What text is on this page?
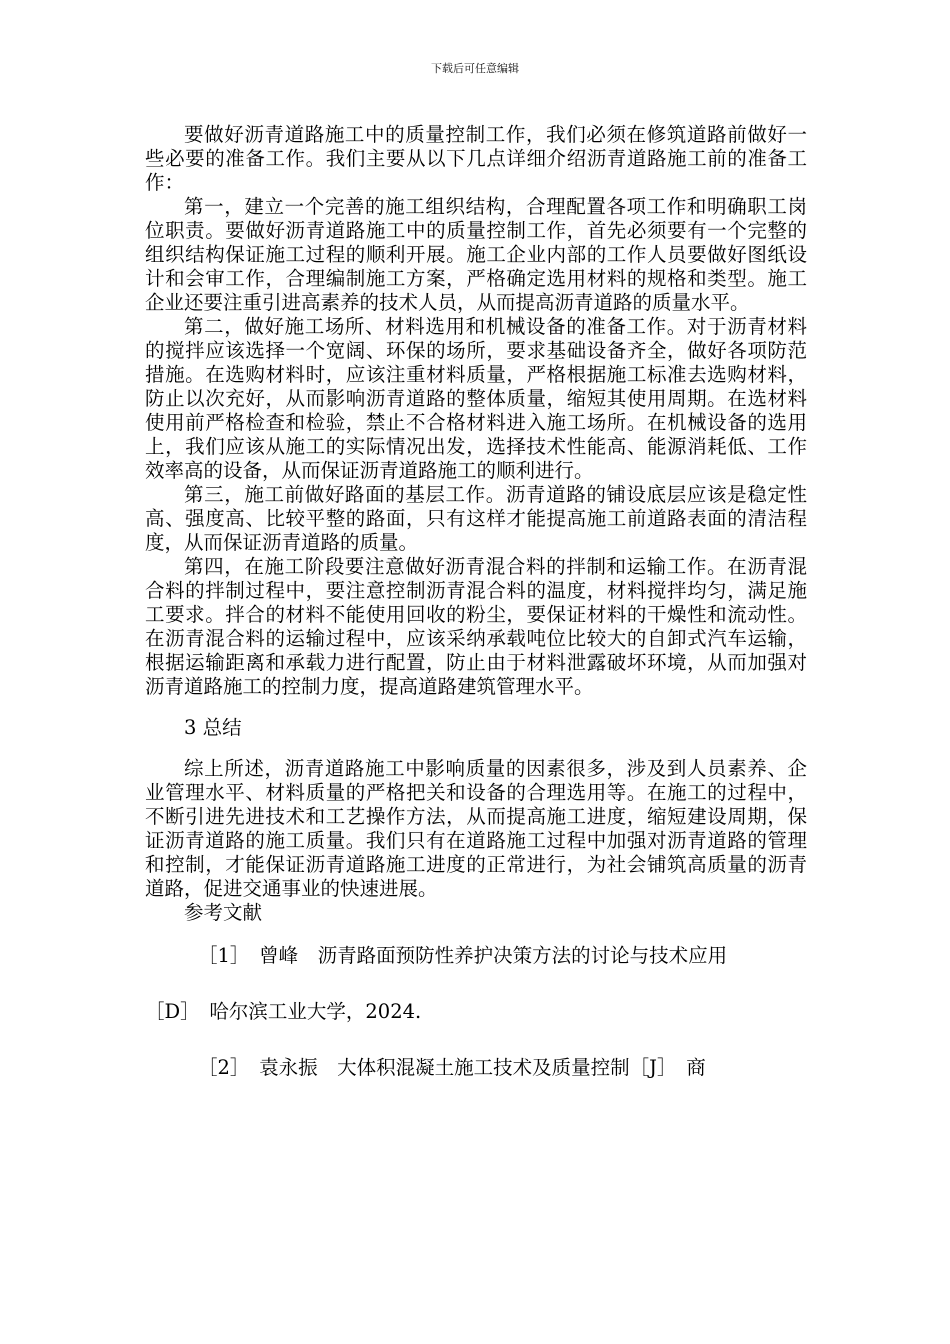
下载后可任意编辑

要做好沥青道路施工中的质量控制工作，我们必须在修筑道路前做好一些必要的准备工作。我们主要从以下几点详细介绍沥青道路施工前的准备工作：

第一，建立一个完善的施工组织结构，合理配置各项工作和明确职工岗位职责。要做好沥青道路施工中的质量控制工作，首先必须要有一个完整的组织结构保证施工过程的顺利开展。施工企业内部的工作人员要做好图纸设计和会审工作，合理编制施工方案，严格确定选用材料的规格和类型。施工企业还要注重引进高素养的技术人员，从而提高沥青道路的质量水平。

第二，做好施工场所、材料选用和机械设备的准备工作。对于沥青材料的搅拌应该选择一个宽阔、环保的场所，要求基础设备齐全，做好各项防范措施。在选购材料时，应该注重材料质量，严格根据施工标准去选购材料，防止以次充好，从而影响沥青道路的整体质量，缩短其使用周期。在选材料使用前严格检查和检验，禁止不合格材料进入施工场所。在机械设备的选用上，我们应该从施工的实际情况出发，选择技术性能高、能源消耗低、工作效率高的设备，从而保证沥青道路施工的顺利进行。

第三，施工前做好路面的基层工作。沥青道路的铺设底层应该是稳定性高、强度高、比较平整的路面，只有这样才能提高施工前道路表面的清洁程度，从而保证沥青道路的质量。

第四，在施工阶段要注意做好沥青混合料的拌制和运输工作。在沥青混合料的拌制过程中，要注意控制沥青混合料的温度，材料搅拌均匀，满足施工要求。拌合的材料不能使用回收的粉尘，要保证材料的干燥性和流动性。在沥青混合料的运输过程中，应该采纳承载吨位比较大的自卸式汽车运输，根据运输距离和承载力进行配置，防止由于材料泄露破坏环境，从而加强对沥青道路施工的控制力度，提高道路建筑管理水平。

3 总结

综上所述，沥青道路施工中影响质量的因素很多，涉及到人员素养、企业管理水平、材料质量的严格把关和设备的合理选用等。在施工的过程中，不断引进先进技术和工艺操作方法，从而提高施工进度，缩短建设周期，保证沥青道路的施工质量。我们只有在道路施工过程中加强对沥青道路的管理和控制，才能保证沥青道路施工进度的正常进行，为社会铺筑高质量的沥青道路，促进交通事业的快速进展。

参考文献

［1］　曾峰　沥青路面预防性养护决策方法的讨论与技术应用

［D］　哈尔滨工业大学，2024.

［2］　袁永振　大体积混凝土施工技术及质量控制［J］　商
